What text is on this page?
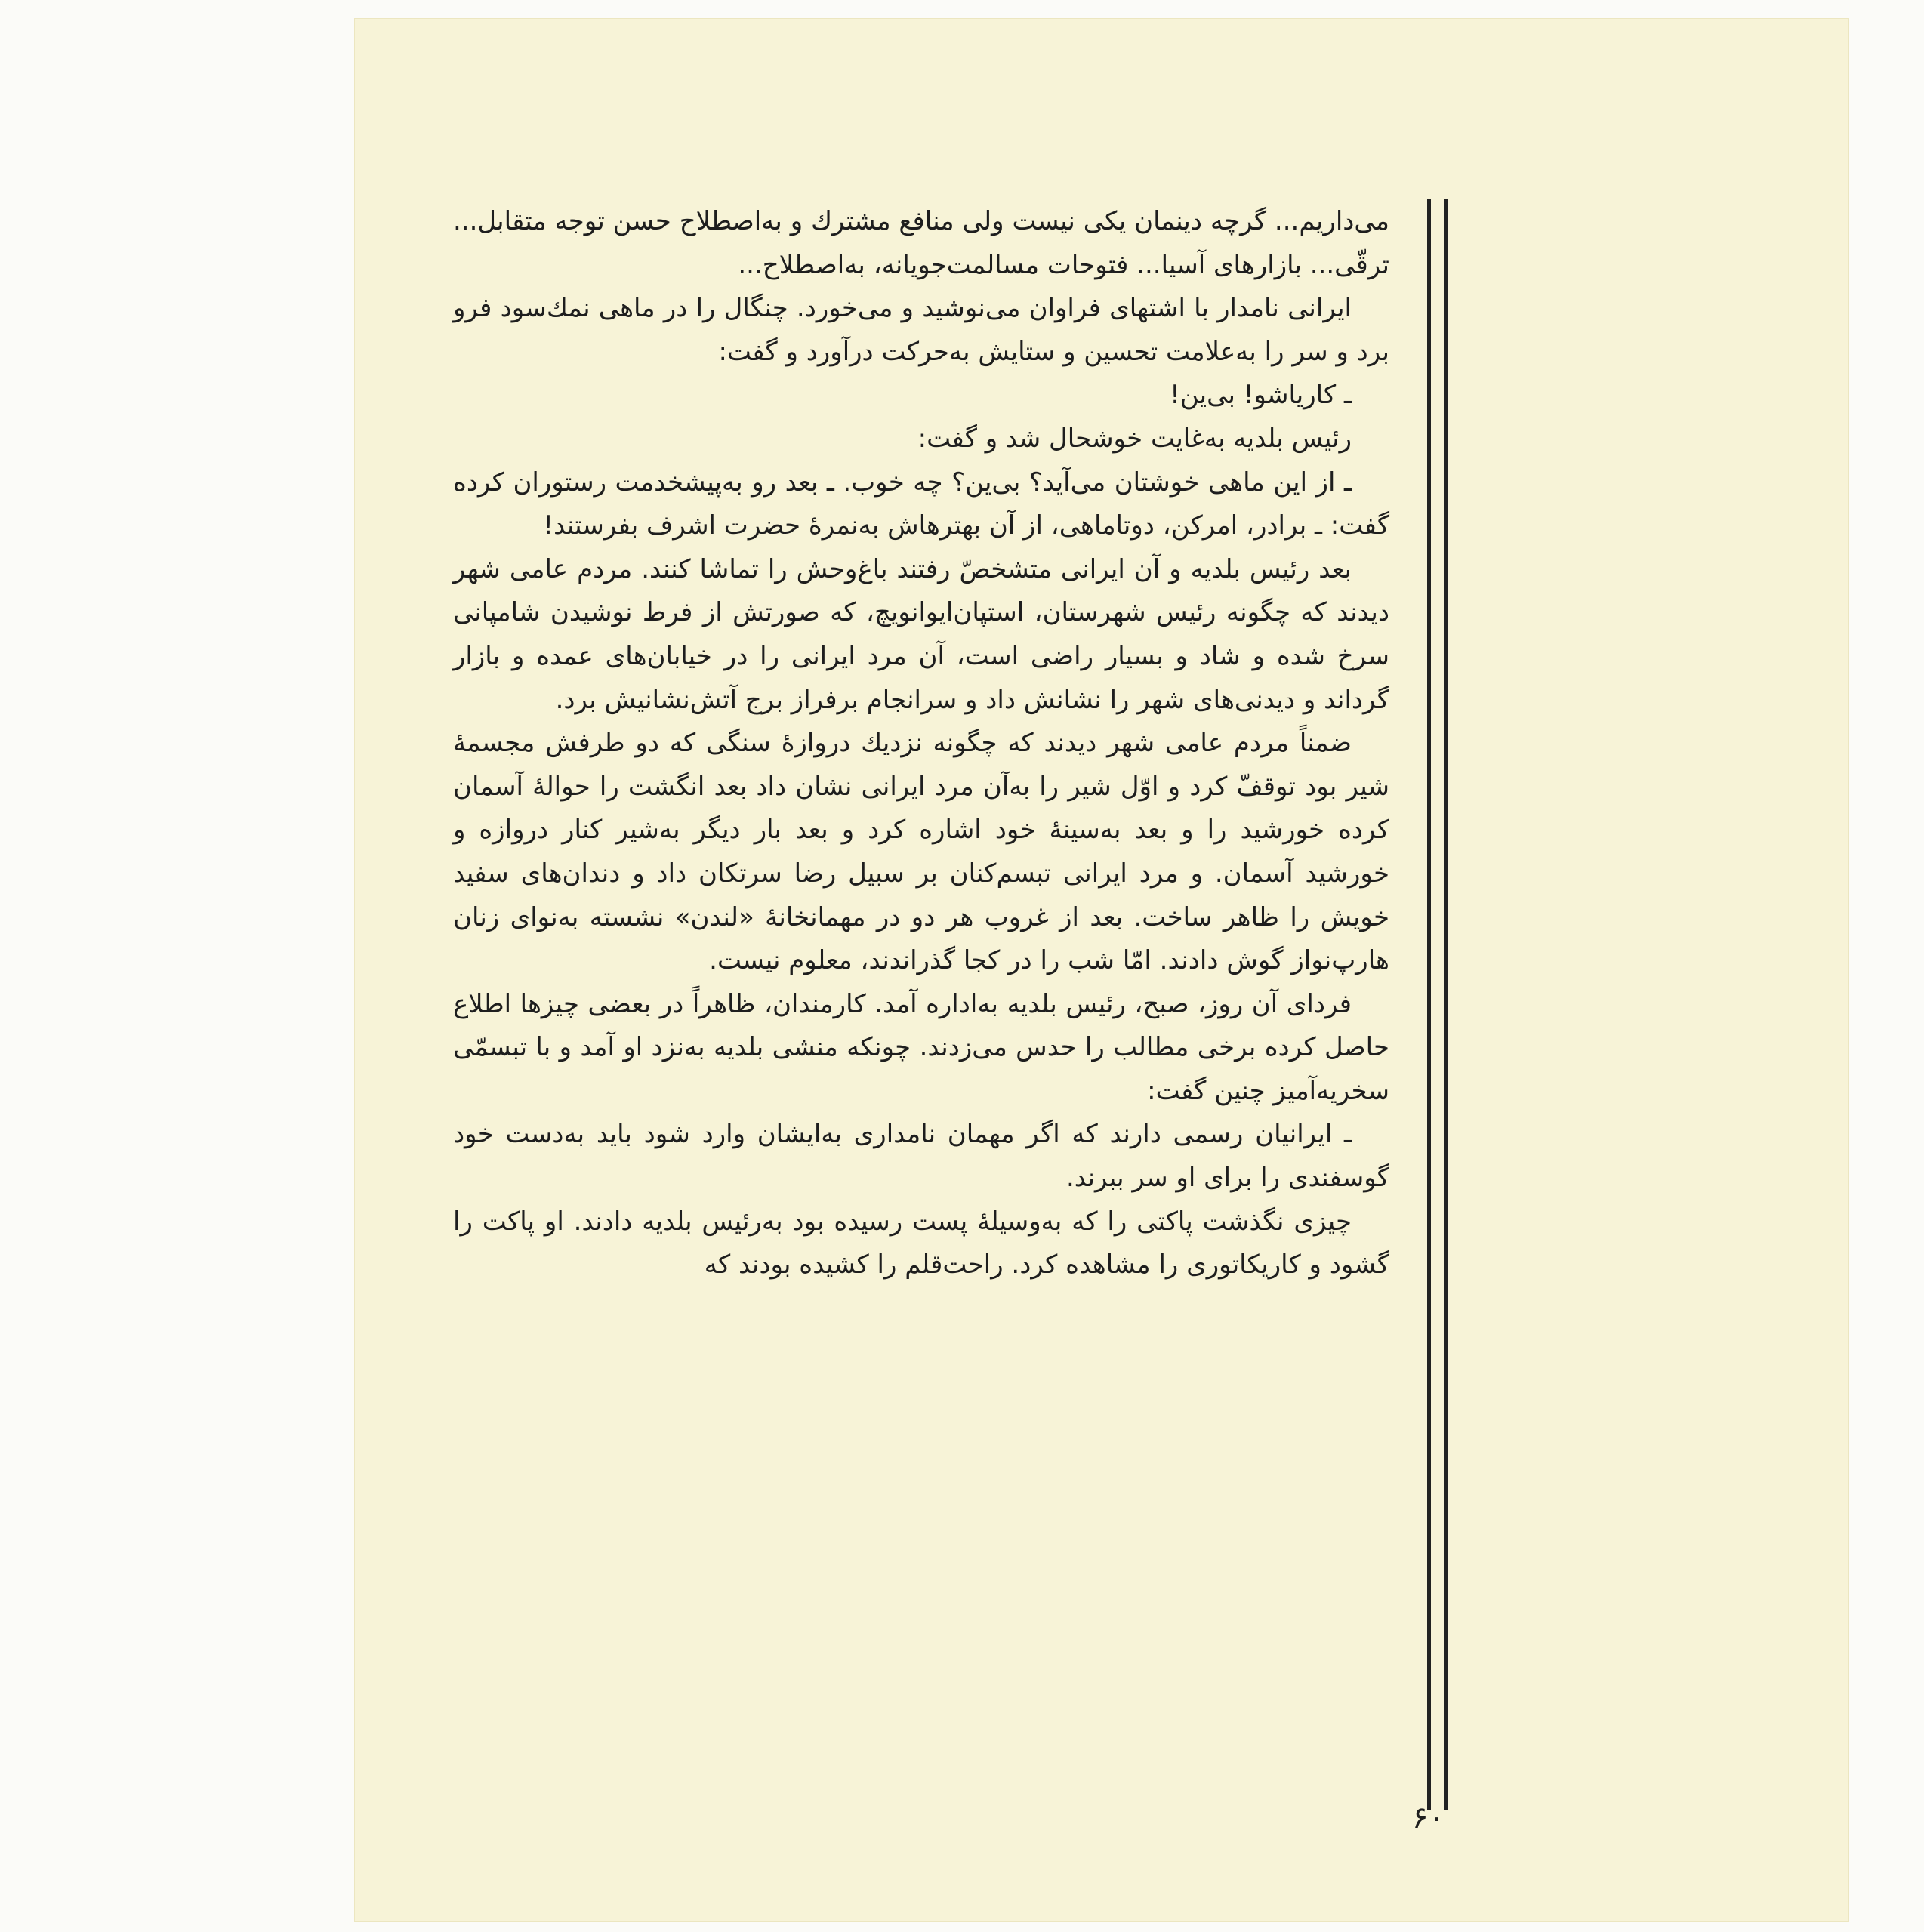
می‌داریم... گرچه دینمان یکی نیست ولی منافع مشترك و به‌اصطلاح حسن توجه متقابل... ترقّی... بازارهای آسیا... فتوحات مسالمت‌جویانه، به‌اصطلاح...

ایرانی نامدار با اشتهای فراوان می‌نوشید و می‌خورد. چنگال را در ماهی نمك‌سود فرو برد و سر را به‌علامت تحسین و ستایش به‌حرکت درآورد و گفت:

ـ کاریاشو! بی‌ین!

رئیس بلدیه به‌غایت خوشحال شد و گفت:

ـ از این ماهی خوشتان می‌آید؟ بی‌ین؟ چه خوب. ـ بعد رو به‌پیشخدمت رستوران کرده گفت: ـ برادر، امرکن، دوتاماهی، از آن بهترهاش به‌نمرهٔ حضرت اشرف بفرستند!

بعد رئیس بلدیه و آن ایرانی متشخصّ رفتند باغ‌وحش را تماشا کنند. مردم عامی شهر دیدند که چگونه رئیس شهرستان، استپان‌ایوانویچ، که صورتش از فرط نوشیدن شامپانی سرخ شده و شاد و بسیار راضی است، آن مرد ایرانی را در خیابان‌های عمده و بازار گرداند و دیدنی‌های شهر را نشانش داد و سرانجام برفراز برج آتش‌نشانیش برد.

ضمناً مردم عامی شهر دیدند که چگونه نزدیك دروازهٔ سنگی که دو طرفش مجسمهٔ شیر بود توقفّ کرد و اوّل شیر را به‌آن مرد ایرانی نشان داد بعد انگشت را حوالهٔ آسمان کرده خورشید را و بعد به‌سینهٔ خود اشاره کرد و بعد بار دیگر به‌شیر کنار دروازه و خورشید آسمان. و مرد ایرانی تبسم‌کنان بر سبیل رضا سرتکان داد و دندان‌های سفید خویش را ظاهر ساخت. بعد از غروب هر دو در مهمانخانهٔ «لندن» نشسته به‌نوای زنان هارپ‌نواز گوش دادند. امّا شب را در کجا گذراندند، معلوم نیست.

فردای آن روز، صبح، رئیس بلدیه به‌اداره آمد. کارمندان، ظاهراً در بعضی چیزها اطلاع حاصل کرده برخی مطالب را حدس می‌زدند. چونکه منشی بلدیه به‌نزد او آمد و با تبسمّی سخریه‌آمیز چنین گفت:

ـ ایرانیان رسمی دارند که اگر مهمان نامداری به‌ایشان وارد شود باید به‌دست خود گوسفندی را برای او سر ببرند.

چیزی نگذشت پاکتی را که به‌وسیلهٔ پست رسیده بود به‌رئیس بلدیه دادند. او پاکت را گشود و کاریکاتوری را مشاهده کرد. راحت‌قلم را کشیده بودند که

۶۰
